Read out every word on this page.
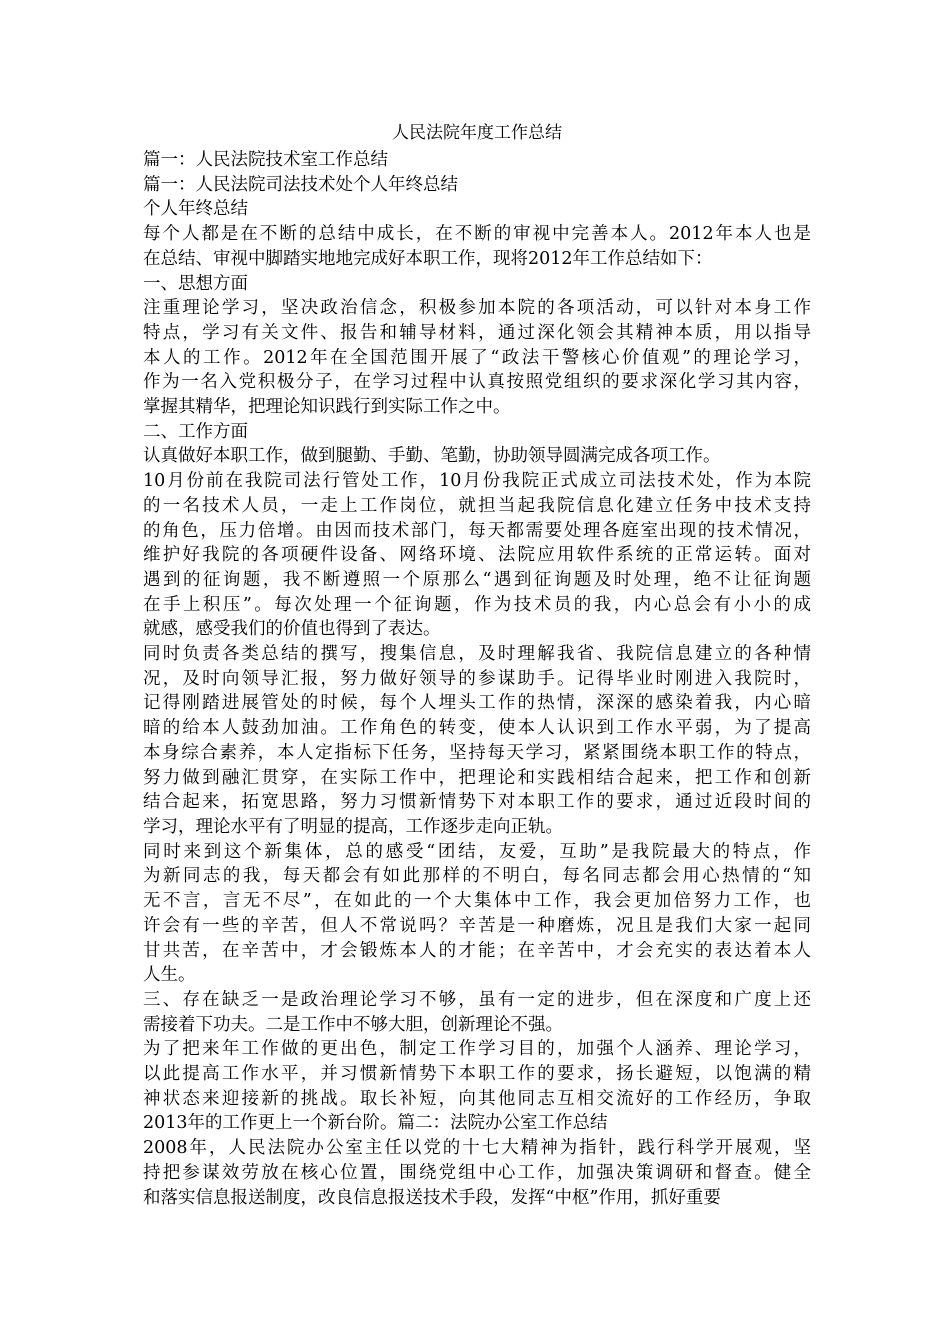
人民法院年度工作总结

篇一：人民法院技术室工作总结

篇一：人民法院司法技术处个人年终总结

个人年终总结

每个人都是在不断的总结中成长，在不断的审视中完善本人。2012年本人也是

在总结、审视中脚踏实地地完成好本职工作，现将2012年工作总结如下：

一、思想方面

注重理论学习，坚决政治信念，积极参加本院的各项活动，可以针对本身工作

特点，学习有关文件、报告和辅导材料，通过深化领会其精神本质，用以指导

本人的工作。2012年在全国范围开展了“政法干警核心价值观”的理论学习，

作为一名入党积极分子，在学习过程中认真按照党组织的要求深化学习其内容，

掌握其精华，把理论知识践行到实际工作之中。

二、工作方面

认真做好本职工作，做到腿勤、手勤、笔勤，协助领导圆满完成各项工作。

10月份前在我院司法行管处工作，10月份我院正式成立司法技术处，作为本院

的一名技术人员，一走上工作岗位，就担当起我院信息化建立任务中技术支持

的角色，压力倍增。由因而技术部门，每天都需要处理各庭室出现的技术情况，

维护好我院的各项硬件设备、网络环境、法院应用软件系统的正常运转。面对

遇到的征询题，我不断遵照一个原那么“遇到征询题及时处理，绝不让征询题

在手上积压”。每次处理一个征询题，作为技术员的我，内心总会有小小的成

就感，感受我们的价值也得到了表达。

同时负责各类总结的撰写，搜集信息，及时理解我省、我院信息建立的各种情

况，及时向领导汇报，努力做好领导的参谋助手。记得毕业时刚进入我院时，

记得刚踏进展管处的时候，每个人埋头工作的热情，深深的感染着我，内心暗

暗的给本人鼓劲加油。工作角色的转变，使本人认识到工作水平弱，为了提高

本身综合素养，本人定指标下任务，坚持每天学习，紧紧围绕本职工作的特点，

努力做到融汇贯穿，在实际工作中，把理论和实践相结合起来，把工作和创新

结合起来，拓宽思路，努力习惯新情势下对本职工作的要求，通过近段时间的

学习，理论水平有了明显的提高，工作逐步走向正轨。

同时来到这个新集体，总的感受“团结，友爱，互助”是我院最大的特点，作

为新同志的我，每天都会有如此那样的不明白，每名同志都会用心热情的“知

无不言，言无不尽”，在如此的一个大集体中工作，我会更加倍努力工作，也

许会有一些的辛苦，但人不常说吗？辛苦是一种磨炼，况且是我们大家一起同

甘共苦，在辛苦中，才会锻炼本人的才能；在辛苦中，才会充实的表达着本人

人生。

三、存在缺乏一是政治理论学习不够，虽有一定的进步，但在深度和广度上还

需接着下功夫。二是工作中不够大胆，创新理论不强。

为了把来年工作做的更出色，制定工作学习目的，加强个人涵养、理论学习，

以此提高工作水平，并习惯新情势下本职工作的要求，扬长避短，以饱满的精

神状态来迎接新的挑战。取长补短，向其他同志互相交流好的工作经历，争取

2013年的工作更上一个新台阶。篇二：法院办公室工作总结

2008年，人民法院办公室主任以党的十七大精神为指针，践行科学开展观，坚

持把参谋效劳放在核心位置，围绕党组中心工作，加强决策调研和督查。健全

和落实信息报送制度，改良信息报送技术手段，发挥“中枢”作用，抓好重要
